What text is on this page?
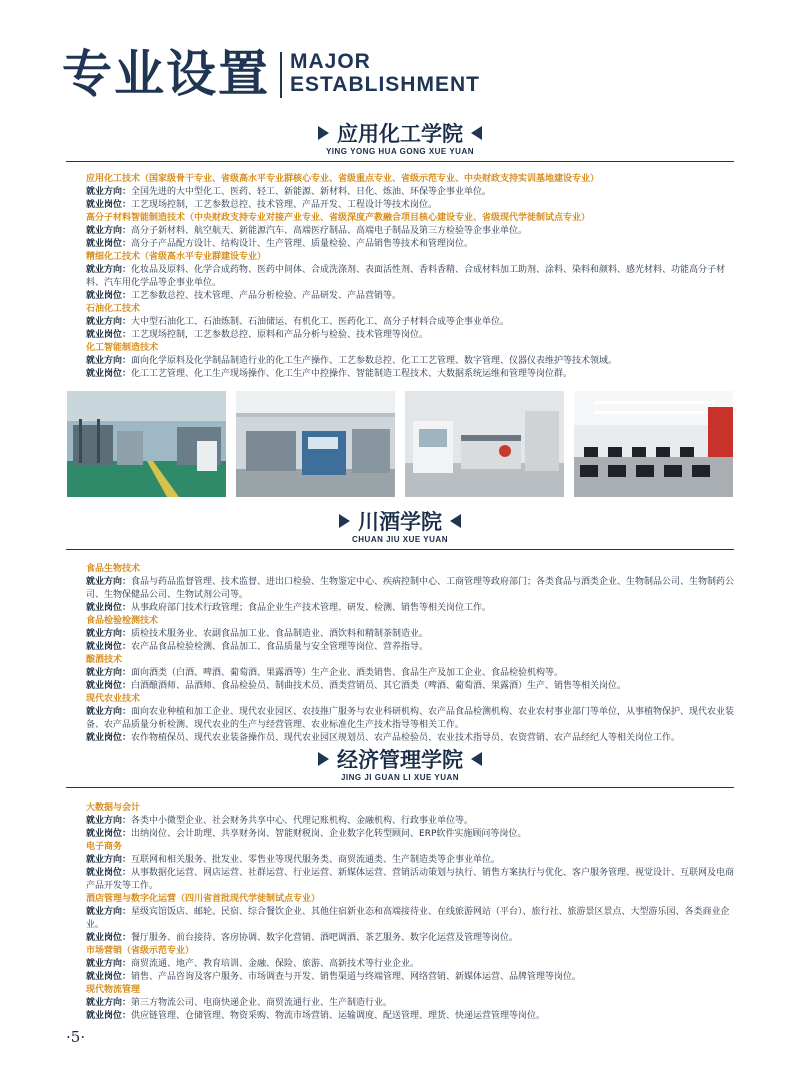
专业设置 MAJOR
ESTABLISHMENT
应用化工学院
YING YONG HUA GONG XUE YUAN
应用化工技术（国家级骨干专业、省级高水平专业群核心专业、省级重点专业、省级示范专业、中央财政支持实训基地建设专业）
就业方向：全国先进的大中型化工、医药、轻工、新能源、新材料、日化、炼油、环保等企事业单位。
就业岗位：工艺现场控制，工艺参数总控、技术管理、产品开发、工程设计等技术岗位。
高分子材料智能制造技术（中央财政支持专业对接产业专业、省级深度产教融合项目核心建设专业、省级现代学徒制试点专业）
就业方向：高分子新材料、航空航天、新能源汽车、高端医疗制品、高端电子制品及第三方检验等企事业单位。
就业岗位：高分子产品配方设计、结构设计、生产管理、质量检验、产品销售等技术和管理岗位。
精细化工技术（省级高水平专业群建设专业）
就业方向：化妆品及原料、化学合成药物、医药中间体、合成洗涤剂、表面活性剂、香料香精、合成材料加工助剂、涂料、染料和颜料、感光材料、功能高分子材料、汽车用化学品等企事业单位。
就业岗位：工艺参数总控、技术管理、产品分析检验、产品研发、产品营销等。
石油化工技术
就业方向：大中型石油化工、石油炼制、石油储运、有机化工、医药化工、高分子材料合成等企事业单位。
就业岗位：工艺现场控制，工艺参数总控、原料和产品分析与检验、技术管理等岗位。
化工智能制造技术
就业方向：面向化学原料及化学制品制造行业的化工生产操作、工艺参数总控、化工工艺管理、数字管理、仪器仪表维护等技术领域。
就业岗位：化工工艺管理、化工生产现场操作、化工生产中控操作、智能制造工程技术、大数据系统运维和管理等岗位群。
川酒学院
CHUAN JIU XUE YUAN
食品生物技术
就业方向：食品与药品监督管理、技术监督、进出口检验、生物鉴定中心、疾病控制中心、工商管理等政府部门；各类食品与酒类企业、生物制品公司、生物制药公司、生物保健品公司、生物试剂公司等。
就业岗位：从事政府部门技术行政管理；食品企业生产技术管理、研发、检测、销售等相关岗位工作。
食品检验检测技术
就业方向：质检技术服务业、农副食品加工业、食品制造业、酒饮料和精制茶制造业。
就业岗位：农产品食品检验检测、食品加工、食品质量与安全管理等岗位、营养指导。
酿酒技术
就业方向：面向酒类（白酒、啤酒、葡萄酒、果露酒等）生产企业、酒类销售、食品生产及加工企业、食品检验机构等。
就业岗位：白酒酿酒师、品酒师、食品检验员、制曲技术员、酒类营销员、其它酒类（啤酒、葡萄酒、果露酒）生产、销售等相关岗位。
现代农业技术
就业方向：面向农业种植和加工企业、现代农业园区、农技推广服务与农业科研机构、农产品食品检测机构、农业农村事业部门等单位，从事植物保护、现代农业装备、农产品质量分析检测、现代农业的生产与经营管理、农业标准化生产技术指导等相关工作。
就业岗位：农作物植保员、现代农业装备操作员、现代农业园区规划员、农产品检验员、农业技术指导员、农资营销、农产品经纪人等相关岗位工作。
经济管理学院
JING JI GUAN LI XUE YUAN
大数据与会计
就业方向：各类中小微型企业、社会财务共享中心、代理记账机构、金融机构、行政事业单位等。
就业岗位：出纳岗位、会计助理、共享财务岗、智能财税岗、企业数字化转型顾问、ERP软件实施顾问等岗位。
电子商务
就业方向：互联网和相关服务、批发业、零售业等现代服务类、商贸流通类、生产制造类等企事业单位。
就业岗位：从事数据化运营、网店运营、社群运营、行业运营、新媒体运营、营销活动策划与执行、销售方案执行与优化、客户服务管理、视觉设计、互联网及电商产品开发等工作。
酒店管理与数字化运营（四川省首批现代学徒制试点专业）
就业方向：星级宾馆饭店、邮轮、民宿、综合餐饮企业、其他住宿新业态和高端接待业、在线旅游网站（平台）、旅行社、旅游景区景点、大型游乐园、各类商业企业。
就业岗位：餐厅服务、前台接待、客房协调、数字化营销、酒吧调酒、茶艺服务、数字化运营及管理等岗位。
市场营销（省级示范专业）
就业方向：商贸流通、地产、教育培训、金融、保险、旅游、高新技术等行业企业。
就业岗位：销售、产品咨询及客户服务、市场调查与开发、销售渠道与终端管理、网络营销、新媒体运营、品牌管理等岗位。
现代物流管理
就业方向：第三方物流公司、电商快递企业、商贸流通行业、生产制造行业。
就业岗位：供应链管理、仓储管理、物资采购、物流市场营销、运输调度、配送管理、理货、快递运营管理等岗位。
·5·
